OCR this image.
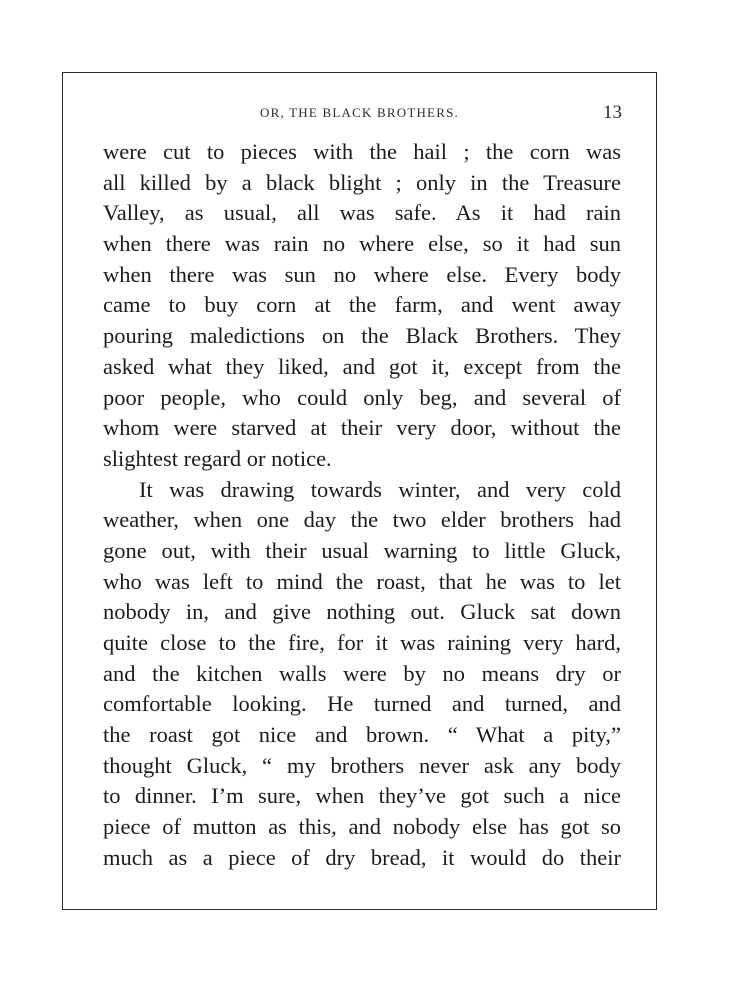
OR, THE BLACK BROTHERS.	13
were cut to pieces with the hail ; the corn was
all killed by a black blight ; only in the Treasure
Valley, as usual, all was safe. As it had rain
when there was rain no where else, so it had sun
when there was sun no where else. Every body
came to buy corn at the farm, and went away
pouring maledictions on the Black Brothers. They
asked what they liked, and got it, except from the
poor people, who could only beg, and several of
whom were starved at their very door, without the
slightest regard or notice.
It was drawing towards winter, and very cold
weather, when one day the two elder brothers had
gone out, with their usual warning to little Gluck,
who was left to mind the roast, that he was to let
nobody in, and give nothing out. Gluck sat down
quite close to the fire, for it was raining very hard,
and the kitchen walls were by no means dry or
comfortable looking. He turned and turned, and
the roast got nice and brown. “ What a pity,”
thought Gluck, “ my brothers never ask any body
to dinner. I’m sure, when they’ve got such a nice
piece of mutton as this, and nobody else has got so
much as a piece of dry bread, it would do their
